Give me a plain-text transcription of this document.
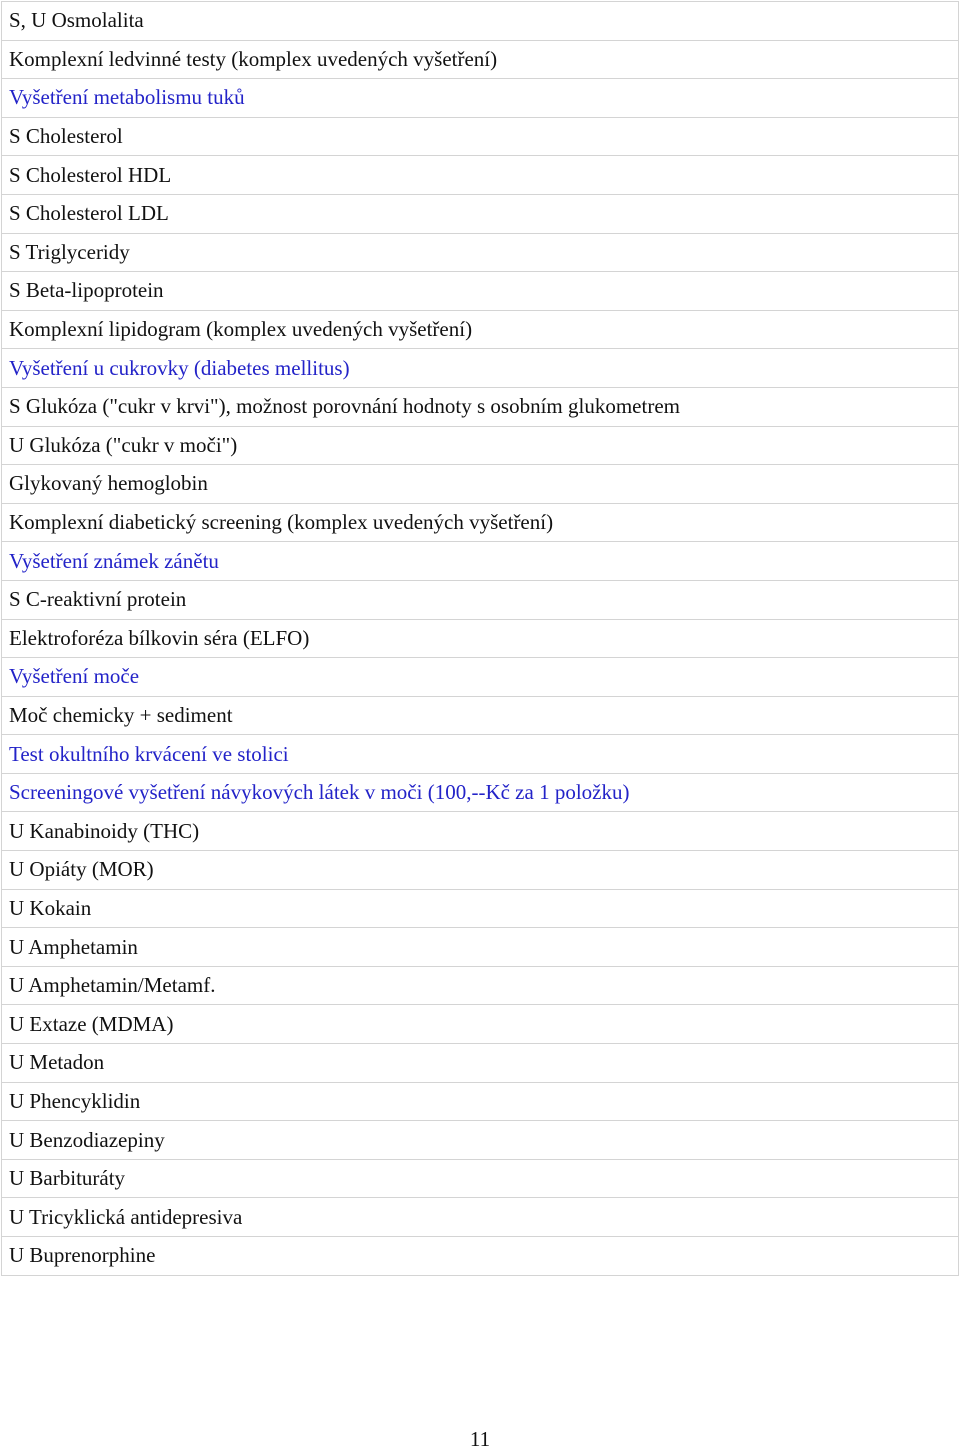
S, U Osmolalita
Komplexní ledvinné testy (komplex uvedených vyšetření)
Vyšetření metabolismu tuků
S Cholesterol
S Cholesterol HDL
S Cholesterol LDL
S Triglyceridy
S Beta-lipoprotein
Komplexní lipidogram (komplex uvedených vyšetření)
Vyšetření u cukrovky (diabetes mellitus)
S Glukóza ("cukr v krvi"), možnost porovnání hodnoty s osobním glukometrem
U Glukóza ("cukr v moči")
Glykovaný hemoglobin
Komplexní diabetický screening (komplex uvedených vyšetření)
Vyšetření známek zánětu
S C-reaktivní protein
Elektroforéza bílkovin séra (ELFO)
Vyšetření moče
Moč chemicky + sediment
Test okultního krvácení ve stolici
Screeningové vyšetření návykových látek v moči (100,--Kč za 1 položku)
U Kanabinoidy (THC)
U Opiáty (MOR)
U Kokain
U Amphetamin
U Amphetamin/Metamf.
U Extaze (MDMA)
U Metadon
U Phencyklidin
U Benzodiazepiny
U Barbituráty
U Tricyklická antidepresiva
U Buprenorphine
11
